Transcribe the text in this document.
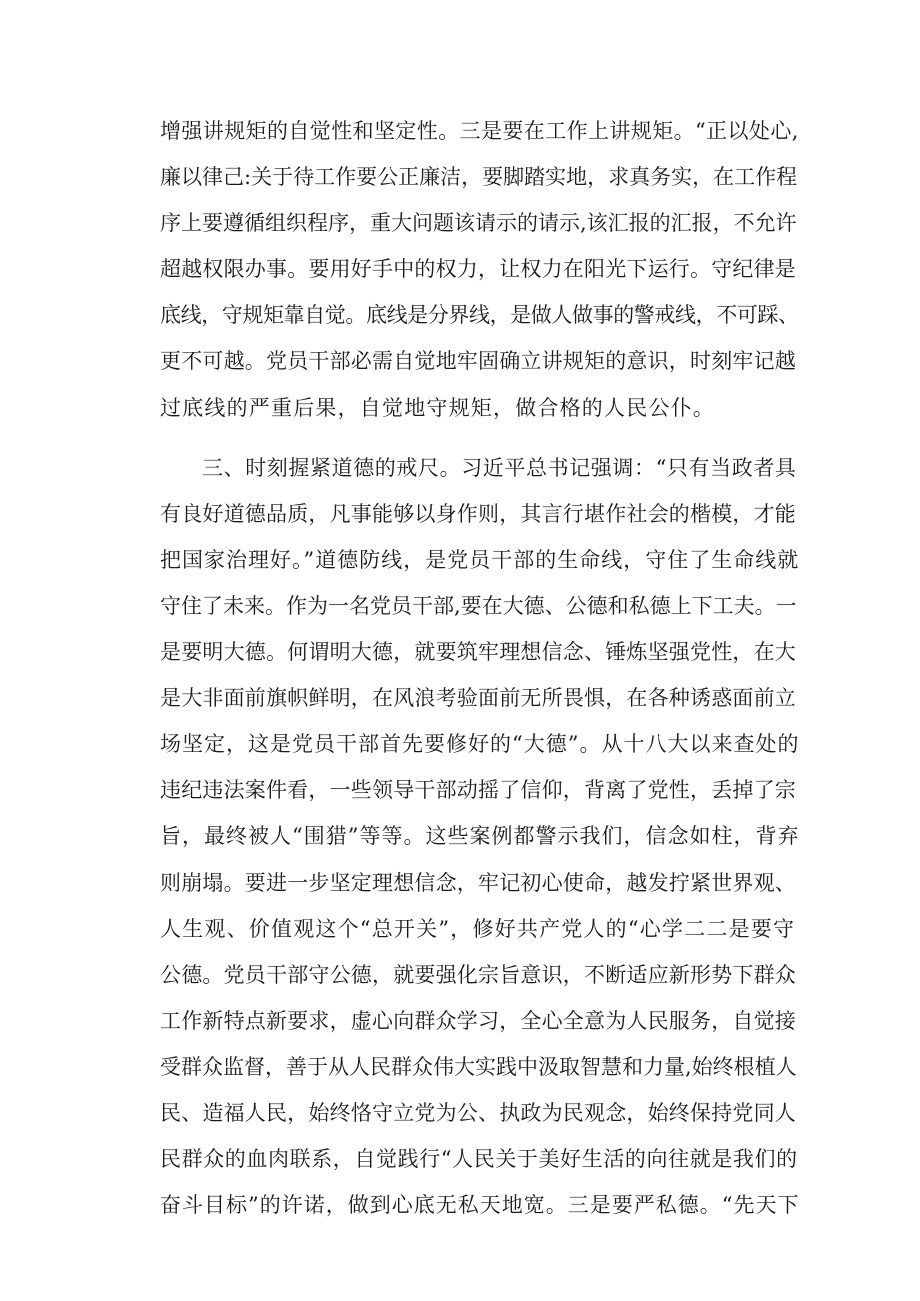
增强讲规矩的自觉性和坚定性。三是要在工作上讲规矩。“正以处心,
廉以律己:关于待工作要公正廉洁，要脚踏实地，求真务实，在工作程
序上要遵循组织程序，重大问题该请示的请示,该汇报的汇报，不允许
超越权限办事。要用好手中的权力，让权力在阳光下运行。守纪律是
底线，守规矩靠自觉。底线是分界线，是做人做事的警戒线，不可踩、
更不可越。党员干部必需自觉地牢固确立讲规矩的意识，时刻牢记越
过底线的严重后果，自觉地守规矩，做合格的人民公仆。
三、时刻握紧道德的戒尺。习近平总书记强调：“只有当政者具
有良好道德品质，凡事能够以身作则，其言行堪作社会的楷模，才能
把国家治理好。”道德防线，是党员干部的生命线，守住了生命线就
守住了未来。作为一名党员干部,要在大德、公德和私德上下工夫。一
是要明大德。何谓明大德，就要筑牢理想信念、锤炼坚强党性，在大
是大非面前旗帜鲜明，在风浪考验面前无所畏惧，在各种诱惑面前立
场坚定，这是党员干部首先要修好的“大德”。从十八大以来查处的
违纪违法案件看，一些领导干部动摇了信仰，背离了党性，丢掉了宗
旨，最终被人“围猎”等等。这些案例都警示我们，信念如柱，背弃
则崩塌。要进一步坚定理想信念，牢记初心使命，越发拧紧世界观、
人生观、价值观这个“总开关”，修好共产党人的“心学二二是要守
公德。党员干部守公德，就要强化宗旨意识，不断适应新形势下群众
工作新特点新要求，虚心向群众学习，全心全意为人民服务，自觉接
受群众监督，善于从人民群众伟大实践中汲取智慧和力量,始终根植人
民、造福人民，始终恪守立党为公、执政为民观念，始终保持党同人
民群众的血肉联系，自觉践行“人民关于美好生活的向往就是我们的
奋斗目标”的许诺，做到心底无私天地宽。三是要严私德。“先天下
